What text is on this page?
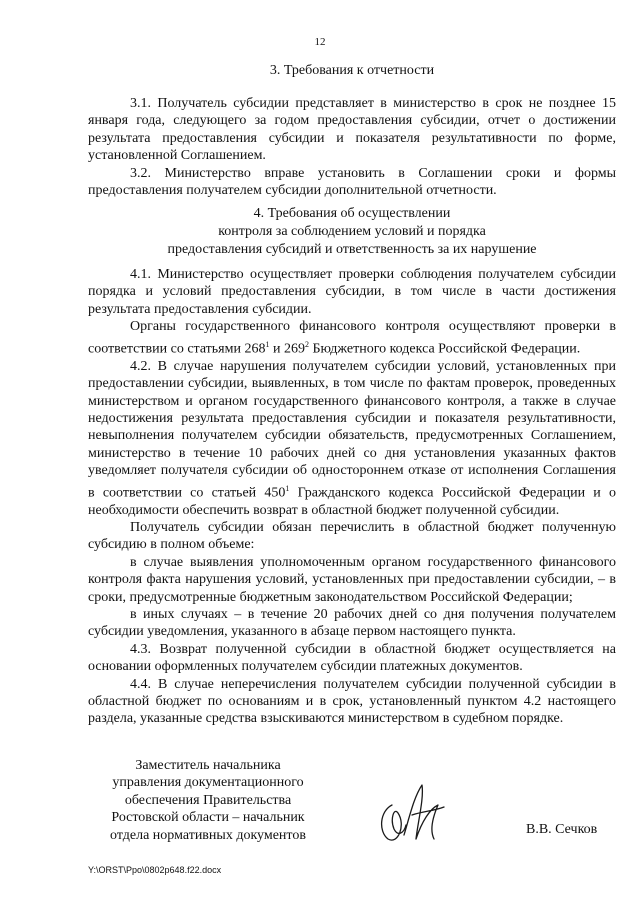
12
3. Требования к отчетности

3.1. Получатель субсидии представляет в министерство в срок не позднее 15 января года, следующего за годом предоставления субсидии, отчет о достижении результата предоставления субсидии и показателя результативности по форме, установленной Соглашением.

3.2. Министерство вправе установить в Соглашении сроки и формы предоставления получателем субсидии дополнительной отчетности.

4. Требования об осуществлении
контроля за соблюдением условий и порядка
предоставления субсидий и ответственность за их нарушение

4.1. Министерство осуществляет проверки соблюдения получателем субсидии порядка и условий предоставления субсидии, в том числе в части достижения результата предоставления субсидии.

Органы государственного финансового контроля осуществляют проверки в соответствии со статьями $268^1$ и $269^2$ Бюджетного кодекса Российской Федерации.

4.2. В случае нарушения получателем субсидии условий, установленных при предоставлении субсидии, выявленных, в том числе по фактам проверок, проведенных министерством и органом государственного финансового контроля, а также в случае недостижения результата предоставления субсидии и показателя результативности, невыполнения получателем субсидии обязательств, предусмотренных Соглашением, министерство в течение 10 рабочих дней со дня установления указанных фактов уведомляет получателя субсидии об одностороннем отказе от исполнения Соглашения в соответствии со статьей $450^1$ Гражданского кодекса Российской Федерации и о необходимости обеспечить возврат в областной бюджет полученной субсидии.

Получатель субсидии обязан перечислить в областной бюджет полученную субсидию в полном объеме:

в случае выявления уполномоченным органом государственного финансового контроля факта нарушения условий, установленных при предоставлении субсидии, – в сроки, предусмотренные бюджетным законодательством Российской Федерации;

в иных случаях – в течение 20 рабочих дней со дня получения получателем субсидии уведомления, указанного в абзаце первом настоящего пункта.

4.3. Возврат полученной субсидии в областной бюджет осуществляется на основании оформленных получателем субсидии платежных документов.

4.4. В случае неперечисления получателем субсидии полученной субсидии в областной бюджет по основаниям и в срок, установленный пунктом 4.2 настоящего раздела, указанные средства взыскиваются министерством в судебном порядке.

Заместитель начальника
управления документационного
обеспечения Правительства
Ростовской области – начальник
отдела нормативных документов	В.В. Сечков
Y:\ORST\Ppo\0802p648.f22.docx
